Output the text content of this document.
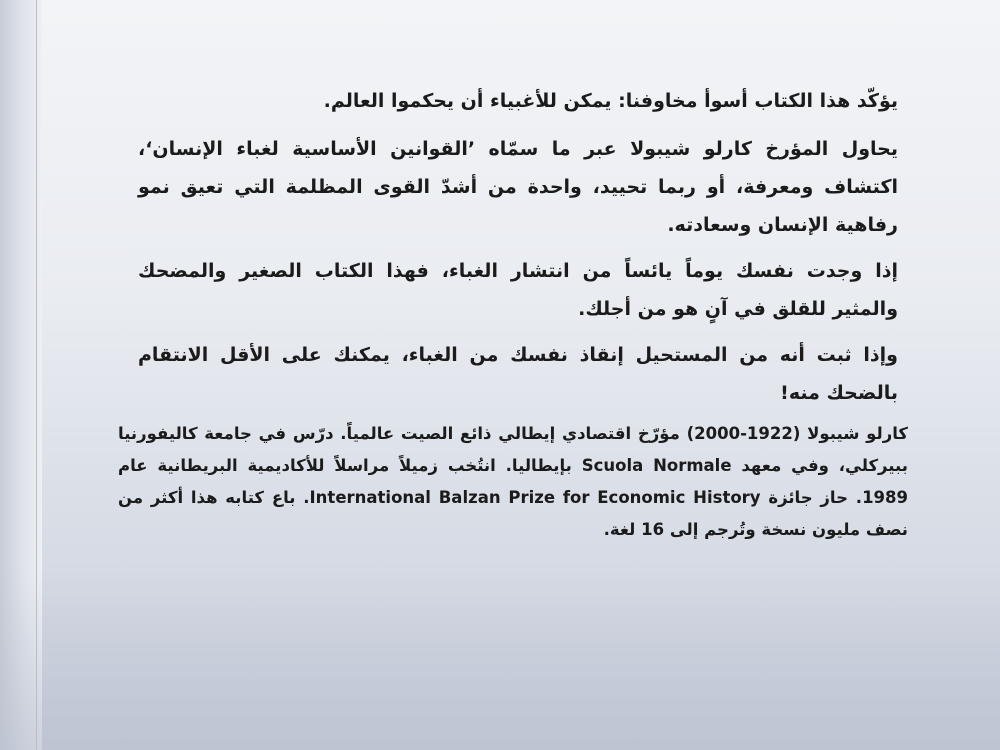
يؤكّد هذا الكتاب أسوأ مخاوفنا: يمكن للأغبياء أن يحكموا العالم.

يحاول المؤرخ كارلو شيبولا عبر ما سمّاه ’القوانين الأساسية لغباء الإنسان‘، اكتشاف ومعرفة، أو ربما تحييد، واحدة من أشدّ القوى المظلمة التي تعيق نمو رفاهية الإنسان وسعادته.

إذا وجدت نفسك يوماً يائساً من انتشار الغباء، فهذا الكتاب الصغير والمضحك والمثير للقلق في آنٍ هو من أجلك.

وإذا ثبت أنه من المستحيل إنقاذ نفسك من الغباء، يمكنك على الأقل الانتقام بالضحك منه!

كارلو شيبولا (1922-2000) مؤرّخ اقتصادي إيطالي ذائع الصيت عالمياً. درّس في جامعة كاليفورنيا ببيركلي، وفي معهد Scuola Normale بإيطاليا. انتُخب زميلاً مراسلاً للأكاديمية البريطانية عام 1989. حاز جائزة International Balzan Prize for Economic History. باع كتابه هذا أكثر من نصف مليون نسخة وتُرجم إلى 16 لغة.
